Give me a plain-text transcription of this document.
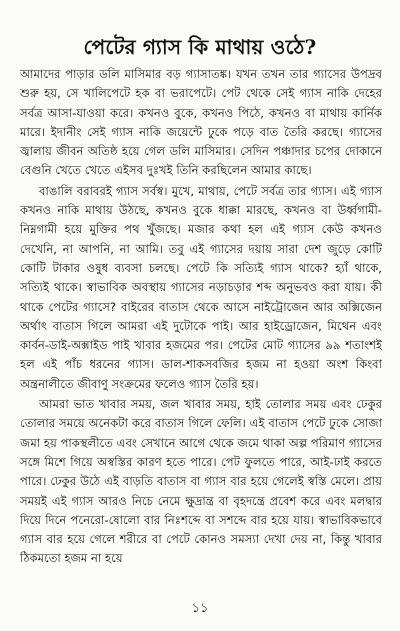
পেটের গ্যাস কি মাথায় ওঠে?

আমাদের পাড়ার ডলি মাসিমার বড় গ্যাসাতঙ্ক। যখন তখন তার গ্যাসের উপদ্রব শুরু হয়, সে খালিপেটে হক বা ভরাপেটে। পেট থেকে সেই গ্যাস নাকি দেহের সর্বত্র আসা-যাওয়া করে। কখনও বুকে, কখনও পিঠে, কখনও বা মাথায় কার্নিক মারে। ইদানীং সেই গ্যাস নাকি জয়েন্টে ঢুকে পড়ে বাত তৈরি করছে। গ্যাসের জ্বালায় জীবন অতিষ্ঠ হয়ে গেল ডলি মাসিমার। সেদিন পঞ্চাদার চপের দোকানে বেগুনি খেতে খেতে এইসব দুঃখই তিনি করছিলেন আমার কাছে।

বাঙালি বরাবরই গ্যাস সর্বস্ব। মুখে, মাথায়, পেটে সর্বত্র তার গ্যাস। এই গ্যাস কখনও নাকি মাথায় উঠছে, কখনও বুকে ধাক্কা মারছে, কখনও বা উর্ধ্বগামী-নিম্নগামী হয়ে মুক্তির পথ খুঁজছে। মজার কথা হল এই গ্যাস কেউ কখনও দেখেনি, না আপনি, না আমি। তবু এই গ্যাসের দয়ায় সারা দেশ জুড়ে কোটি কোটি টাকার ওষুধ ব্যবসা চলছে। পেটে কি সত্যিই গ্যাস থাকে? হ্যাঁ থাকে, সত্যিই থাকে। স্বাভাবিক অবস্থায় গ্যাসের নড়াচড়ার শব্দ অনুভবও করা যায়। কী থাকে পেটের গ্যাসে? বাইরের বাতাস থেকে আসে নাইট্রোজেন আর অক্সিজেন অর্থাৎ বাতাস গিলে আমরা এই দুটোকে পাই। আর হাইড্রোজেন, মিথেন এবং কার্বন-ডাই-অক্সাইড পাই খাবার হজমের পর। পেটের মোট গ্যাসের ৯৯ শতাংশই হল এই পাঁচ ধরনের গ্যাস। ডাল-শাকসবজির হজম না হওয়া অংশ কিংবা অন্ত্রনালীতে জীবাণু সংক্রমের ফলেও গ্যাস তৈরি হয়।

আমরা ভাত খাবার সময়, জল খাবার সময়, হাই তোলার সময় এবং ঢেকুর তোলার সময়ে অনেকটা করে বাতাস গিলে ফেলি। এই বাতাস পেটে ঢুকে সোজা জমা হয় পাকস্থলীতে এবং সেখানে আগে থেকে জমে থাকা অল্প পরিমাণ গ্যাসের সঙ্গে মিশে গিয়ে অস্বস্তির কারণ হতে পারে। পেট ফুলতে পারে, আই-ঢাই করতে পারে। ঢেকুর উঠে এই বাড়তি বাতাস বা গ্যাস বার হয়ে গেলেই স্বস্তি মেলে। প্রায় সময়ই এই গ্যাস আরও নিচে নেমে ক্ষুদ্রান্ত্র বা বৃহদন্ত্রে প্রবেশ করে এবং মলদ্বার দিয়ে দিনে পনেরো-ষোলো বার নিঃশব্দে বা সশব্দে বার হয়ে যায়। স্বাভাবিকভাবে গ্যাস বার হয়ে গেলে শরীরে বা পেটে কোনও সমস্যা দেখা দেয় না, কিন্তু খাবার ঠিকমতো হজম না হয়ে

১১
